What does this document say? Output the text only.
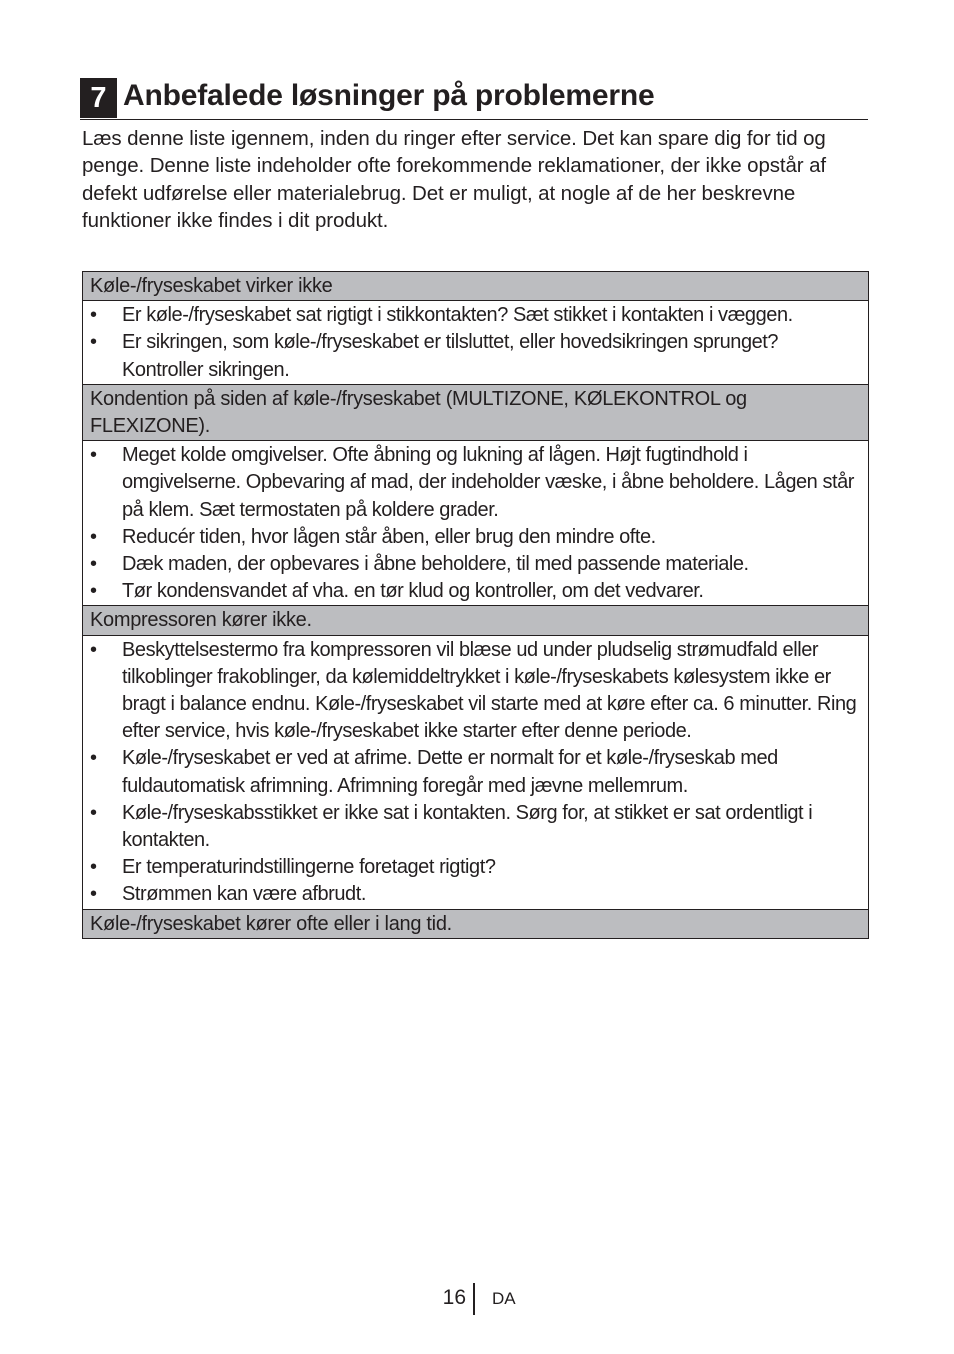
7 Anbefalede løsninger på problemerne

Læs denne liste igennem, inden du ringer efter service. Det kan spare dig for tid og penge. Denne liste indeholder ofte forekommende reklamationer, der ikke opstår af defekt udførelse eller materialebrug. Det er muligt, at nogle af de her beskrevne funktioner ikke findes i dit produkt.

Køle-/fryseskabet virker ikke
•	Er køle-/fryseskabet sat rigtigt i stikkontakten? Sæt stikket i kontakten i væggen.
•	Er sikringen, som køle-/fryseskabet er tilsluttet, eller hovedsikringen sprunget? Kontroller sikringen.
Kondention på siden af køle-/fryseskabet (MULTIZONE, KØLEKONTROL og FLEXIZONE).
•	Meget kolde omgivelser. Ofte åbning og lukning af lågen. Højt fugtindhold i omgivelserne. Opbevaring af mad, der indeholder væske, i åbne beholdere. Lågen står på klem. Sæt termostaten på koldere grader.
•	Reducér tiden, hvor lågen står åben, eller brug den mindre ofte.
•	Dæk maden, der opbevares i åbne beholdere, til med passende materiale.
•	Tør kondensvandet af vha. en tør klud og kontroller, om det vedvarer.
Kompressoren kører ikke.
•	Beskyttelsestermo fra kompressoren vil blæse ud under pludselig strømudfald eller tilkoblinger frakoblinger, da kølemiddeltrykket i køle-/fryseskabets kølesystem ikke er bragt i balance endnu. Køle-/fryseskabet vil starte med at køre efter ca. 6 minutter. Ring efter service, hvis køle-/fryseskabet ikke starter efter denne periode.
•	Køle-/fryseskabet er ved at afrime. Dette er normalt for et køle-/fryseskab med fuldautomatisk afrimning. Afrimning foregår med jævne mellemrum.
•	Køle-/fryseskabsstikket er ikke sat i kontakten. Sørg for, at stikket er sat ordentligt i kontakten.
•	Er temperaturindstillingerne foretaget rigtigt?
•	Strømmen kan være afbrudt.
Køle-/fryseskabet kører ofte eller i lang tid.
16 DA
